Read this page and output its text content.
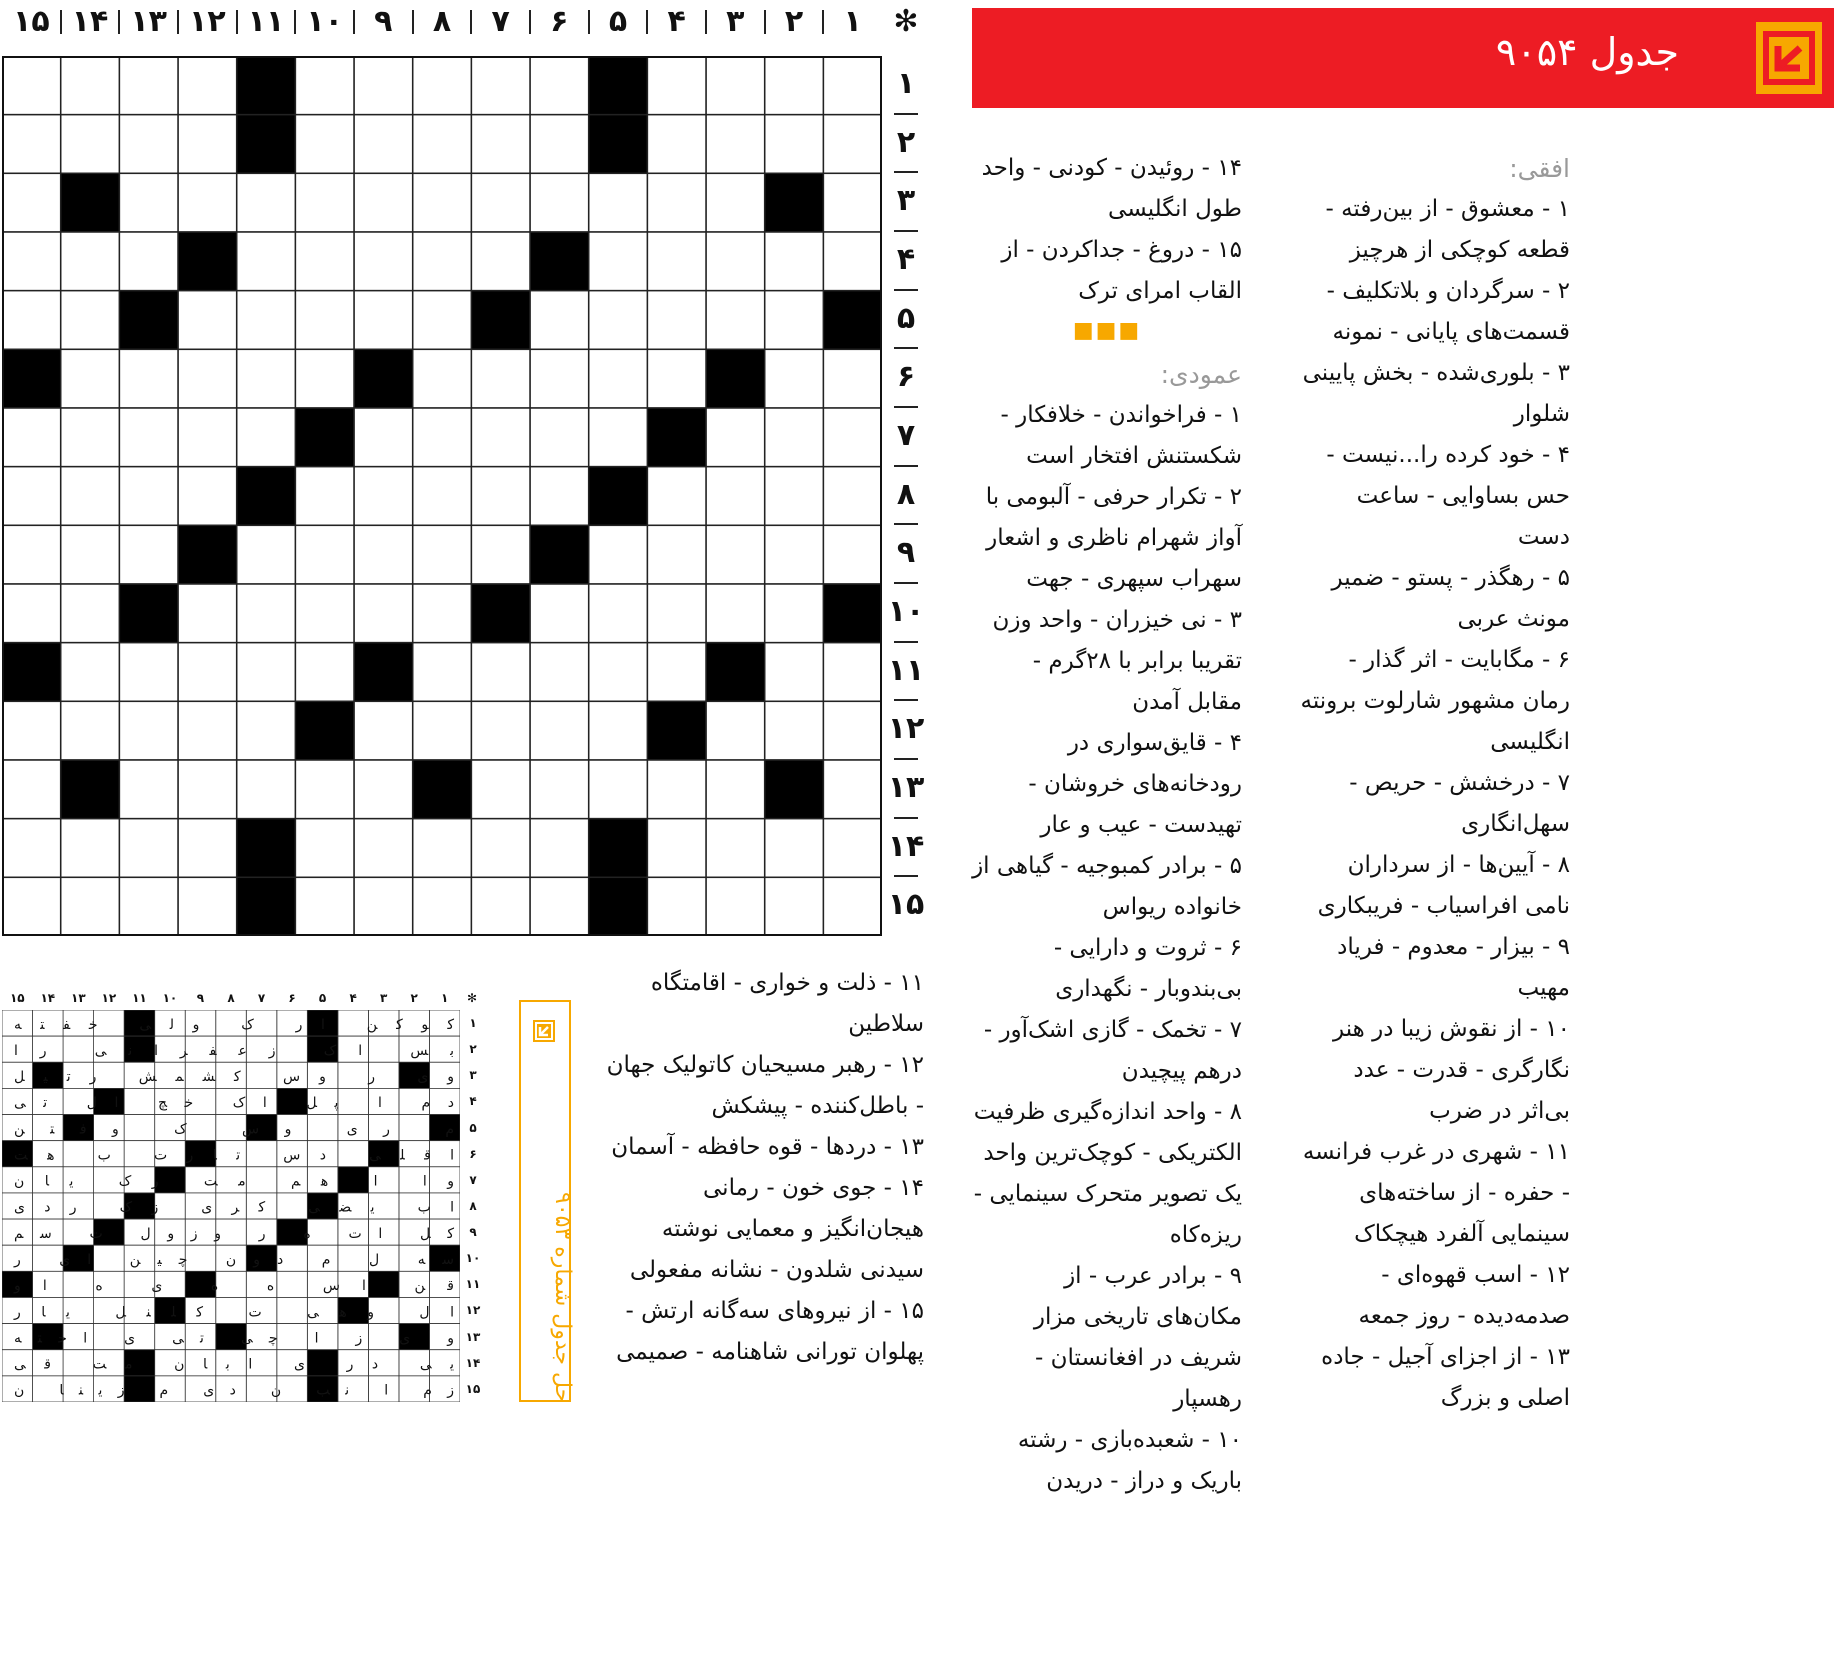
۱
۲
۳
۴
۵
۶
۷
۸
۹
۱۰
۱۱
۱۲
۱۳
۱۴
۱۵	✻
۱
۲
۳
۴
۵
۶
۷
۸
۹
۱۰
۱۱
۱۲
۱۳
۱۴
۱۵
جدول ۹۰۵۴

افقی:

۱ - معشوق - از بین‌رفته - قطعه کوچکی از هرچیز

۲ - سرگردان و بلاتکلیف - قسمت‌های پایانی - نمونه

۳ - بلوری‌شده - بخش پایینی شلوار

۴ - خود کرده را...نیست - حس بساوایی - ساعت دست

۵ - رهگذر - پستو - ضمیر مونث عربی

۶ - مگابایت - اثر گذار - رمان مشهور شارلوت برونته انگلیسی

۷ - درخشش - حریص - سهل‌انگاری

۸ - آیین‌ها - از سرداران نامی افراسیاب - فریبکاری

۹ - بیزار - معدوم - فریاد مهیب

۱۰ - از نقوش زیبا در هنر نگارگری - قدرت - عدد بی‌اثر در ضرب

۱۱ - شهری در غرب فرانسه - حفره - از ساخته‌های سینمایی آلفرد هیچکاک

۱۲ - اسب قهوه‌ای - صدمه‌دیده - روز جمعه

۱۳ - از اجزای آجیل - جاده اصلی و بزرگ

۱۴ - روئیدن - کودنی - واحد طول انگلیسی

۱۵ - دروغ - جداکردن - از القاب امرای ترک

■■■

عمودی:

۱ - فراخواندن - خلافکار - شکستنش افتخار است

۲ - تکرار حرفی - آلبومی با آواز شهرام ناظری و اشعار سهراب سپهری - جهت

۳ - نی خیزران - واحد وزن تقریبا برابر با ۲۸گرم - مقابل آمدن

۴ - قایق‌سواری در رودخانه‌های خروشان - تهیدست - عیب و عار

۵ - برادر کمبوجیه - گیاهی از خانواده ریواس

۶ - ثروت و دارایی - بی‌بندوبار - نگهداری

۷ - تخمک - گازی اشک‌آور - درهم پیچیدن

۸ - واحد اندازه‌گیری ظرفیت الکتریکی - کوچک‌ترین واحد یک تصویر متحرک سینمایی - ریزه‌کاه

۹ - برادر عرب - از مکان‌های تاریخی مزار شریف در افغانستان - رهسپار

۱۰ - شعبده‌بازی - رشته باریک و دراز - دریدن

۱۱ - ذلت و خواری - اقامتگاه سلاطین

۱۲ - رهبر مسیحیان کاتولیک جهان - باطل‌کننده - پیشکش

۱۳ - دردها - قوه حافظه - آسمان

۱۴ - جوی خون - رمانی هیجان‌انگیز و معمایی نوشته سیدنی شلدون - نشانه مفعولی

۱۵ - از نیروهای سه‌گانه ارتش - پهلوان تورانی شاهنامه - صمیمی

۱
۲
۳
۴
۵
۶
۷
۸
۹
۱۰
۱۱
۱۲
۱۳
۱۴
۱۵	✻
۱
۲
۳
۴
۵
۶
۷
۸
۹
۱۰
۱۱
۱۲
۱۳
۱۴
۱۵
کوکن ار ک ولی خفته
بس اک زعفرانی را
وی ر وس کشمش رتیل
دم ا پل اک خچ ال تی
م ری وس ک وفتن
اقلی دس تارت ب هت
وا ا هم مت رک یان
اب یضی کری زک ردی
کل ات ه ر وزول ت سم
سه ل م دون چین ای ر
قن اس ه ه ی ه او
ال وهی ت کلنل یار
و ی ز ا چی تی ی اخته
یی در ی ابان مت قی
زم ا نب ن دی م زینا ن
حل جدول شماره ۹۰۵۳
